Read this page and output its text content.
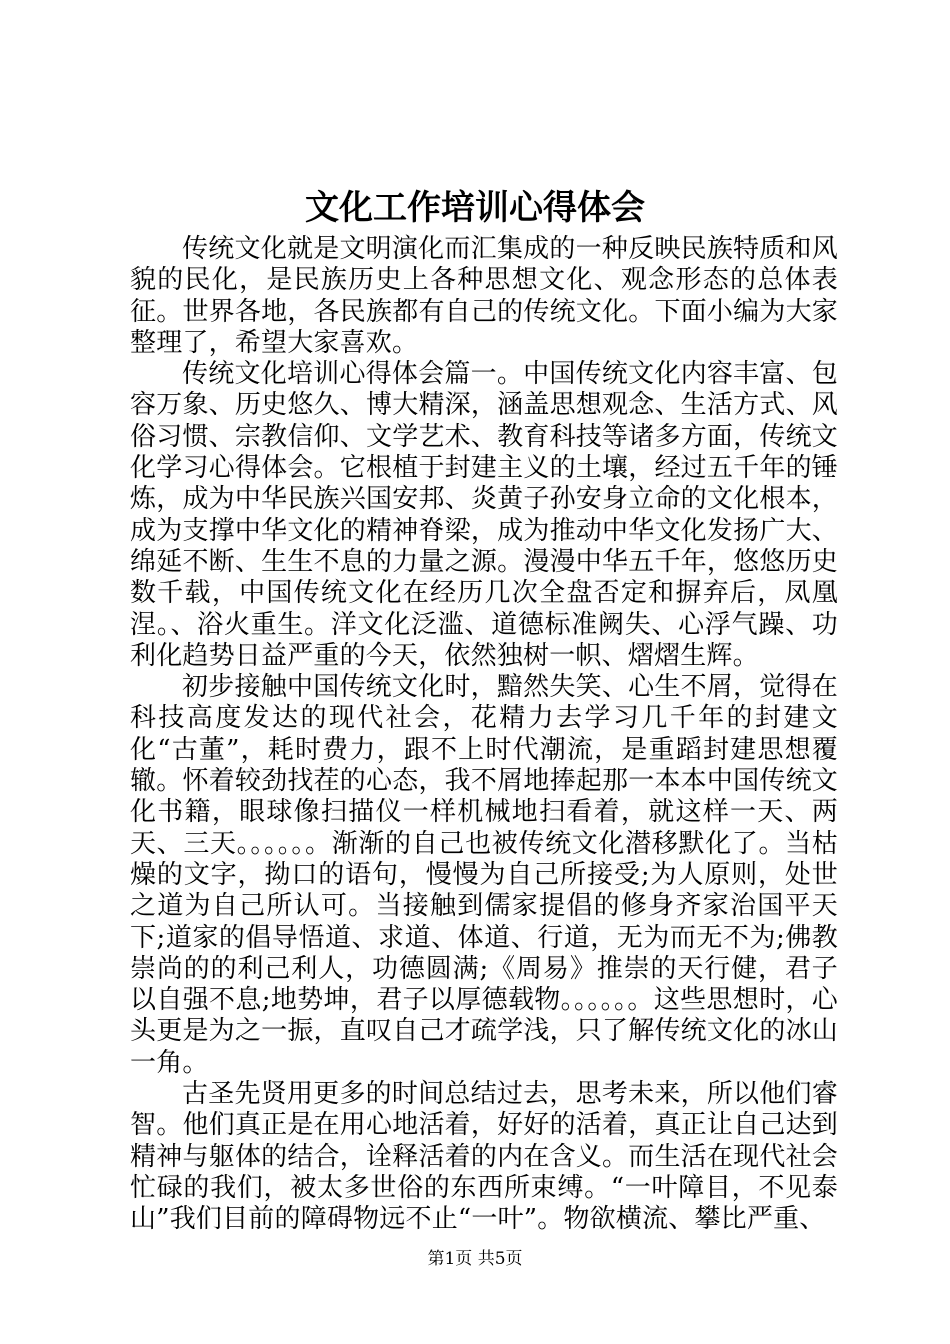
文化工作培训心得体会

传统文化就是文明演化而汇集成的一种反映民族特质和风貌的民化，是民族历史上各种思想文化、观念形态的总体表征。世界各地，各民族都有自己的传统文化。下面小编为大家整理了，希望大家喜欢。

传统文化培训心得体会篇一。中国传统文化内容丰富、包容万象、历史悠久、博大精深，涵盖思想观念、生活方式、风俗习惯、宗教信仰、文学艺术、教育科技等诸多方面，传统文化学习心得体会。它根植于封建主义的土壤，经过五千年的锤炼，成为中华民族兴国安邦、炎黄子孙安身立命的文化根本，成为支撑中华文化的精神脊梁，成为推动中华文化发扬广大、绵延不断、生生不息的力量之源。漫漫中华五千年，悠悠历史数千载，中国传统文化在经历几次全盘否定和摒弃后，凤凰涅。、浴火重生。洋文化泛滥、道德标准阙失、心浮气躁、功利化趋势日益严重的今天，依然独树一帜、熠熠生辉。

初步接触中国传统文化时，黯然失笑、心生不屑，觉得在科技高度发达的现代社会，花精力去学习几千年的封建文化“古董”，耗时费力，跟不上时代潮流，是重蹈封建思想覆辙。怀着较劲找茬的心态，我不屑地捧起那一本本中国传统文化书籍，眼球像扫描仪一样机械地扫看着，就这样一天、两天、三天。。。。。。渐渐的自己也被传统文化潜移默化了。当枯燥的文字，拗口的语句，慢慢为自己所接受;为人原则，处世之道为自己所认可。当接触到儒家提倡的修身齐家治国平天下;道家的倡导悟道、求道、体道、行道，无为而无不为;佛教崇尚的的利己利人，功德圆满;《周易》推崇的天行健，君子以自强不息;地势坤，君子以厚德载物。。。。。。这些思想时，心头更是为之一振，直叹自己才疏学浅，只了解传统文化的冰山一角。

古圣先贤用更多的时间总结过去，思考未来，所以他们睿智。他们真正是在用心地活着，好好的活着，真正让自己达到精神与躯体的结合，诠释活着的内在含义。而生活在现代社会忙碌的我们，被太多世俗的东西所束缚。“一叶障目，不见泰山”我们目前的障碍物远不止“一叶”。物欲横流、攀比严重、

第1页 共5页
